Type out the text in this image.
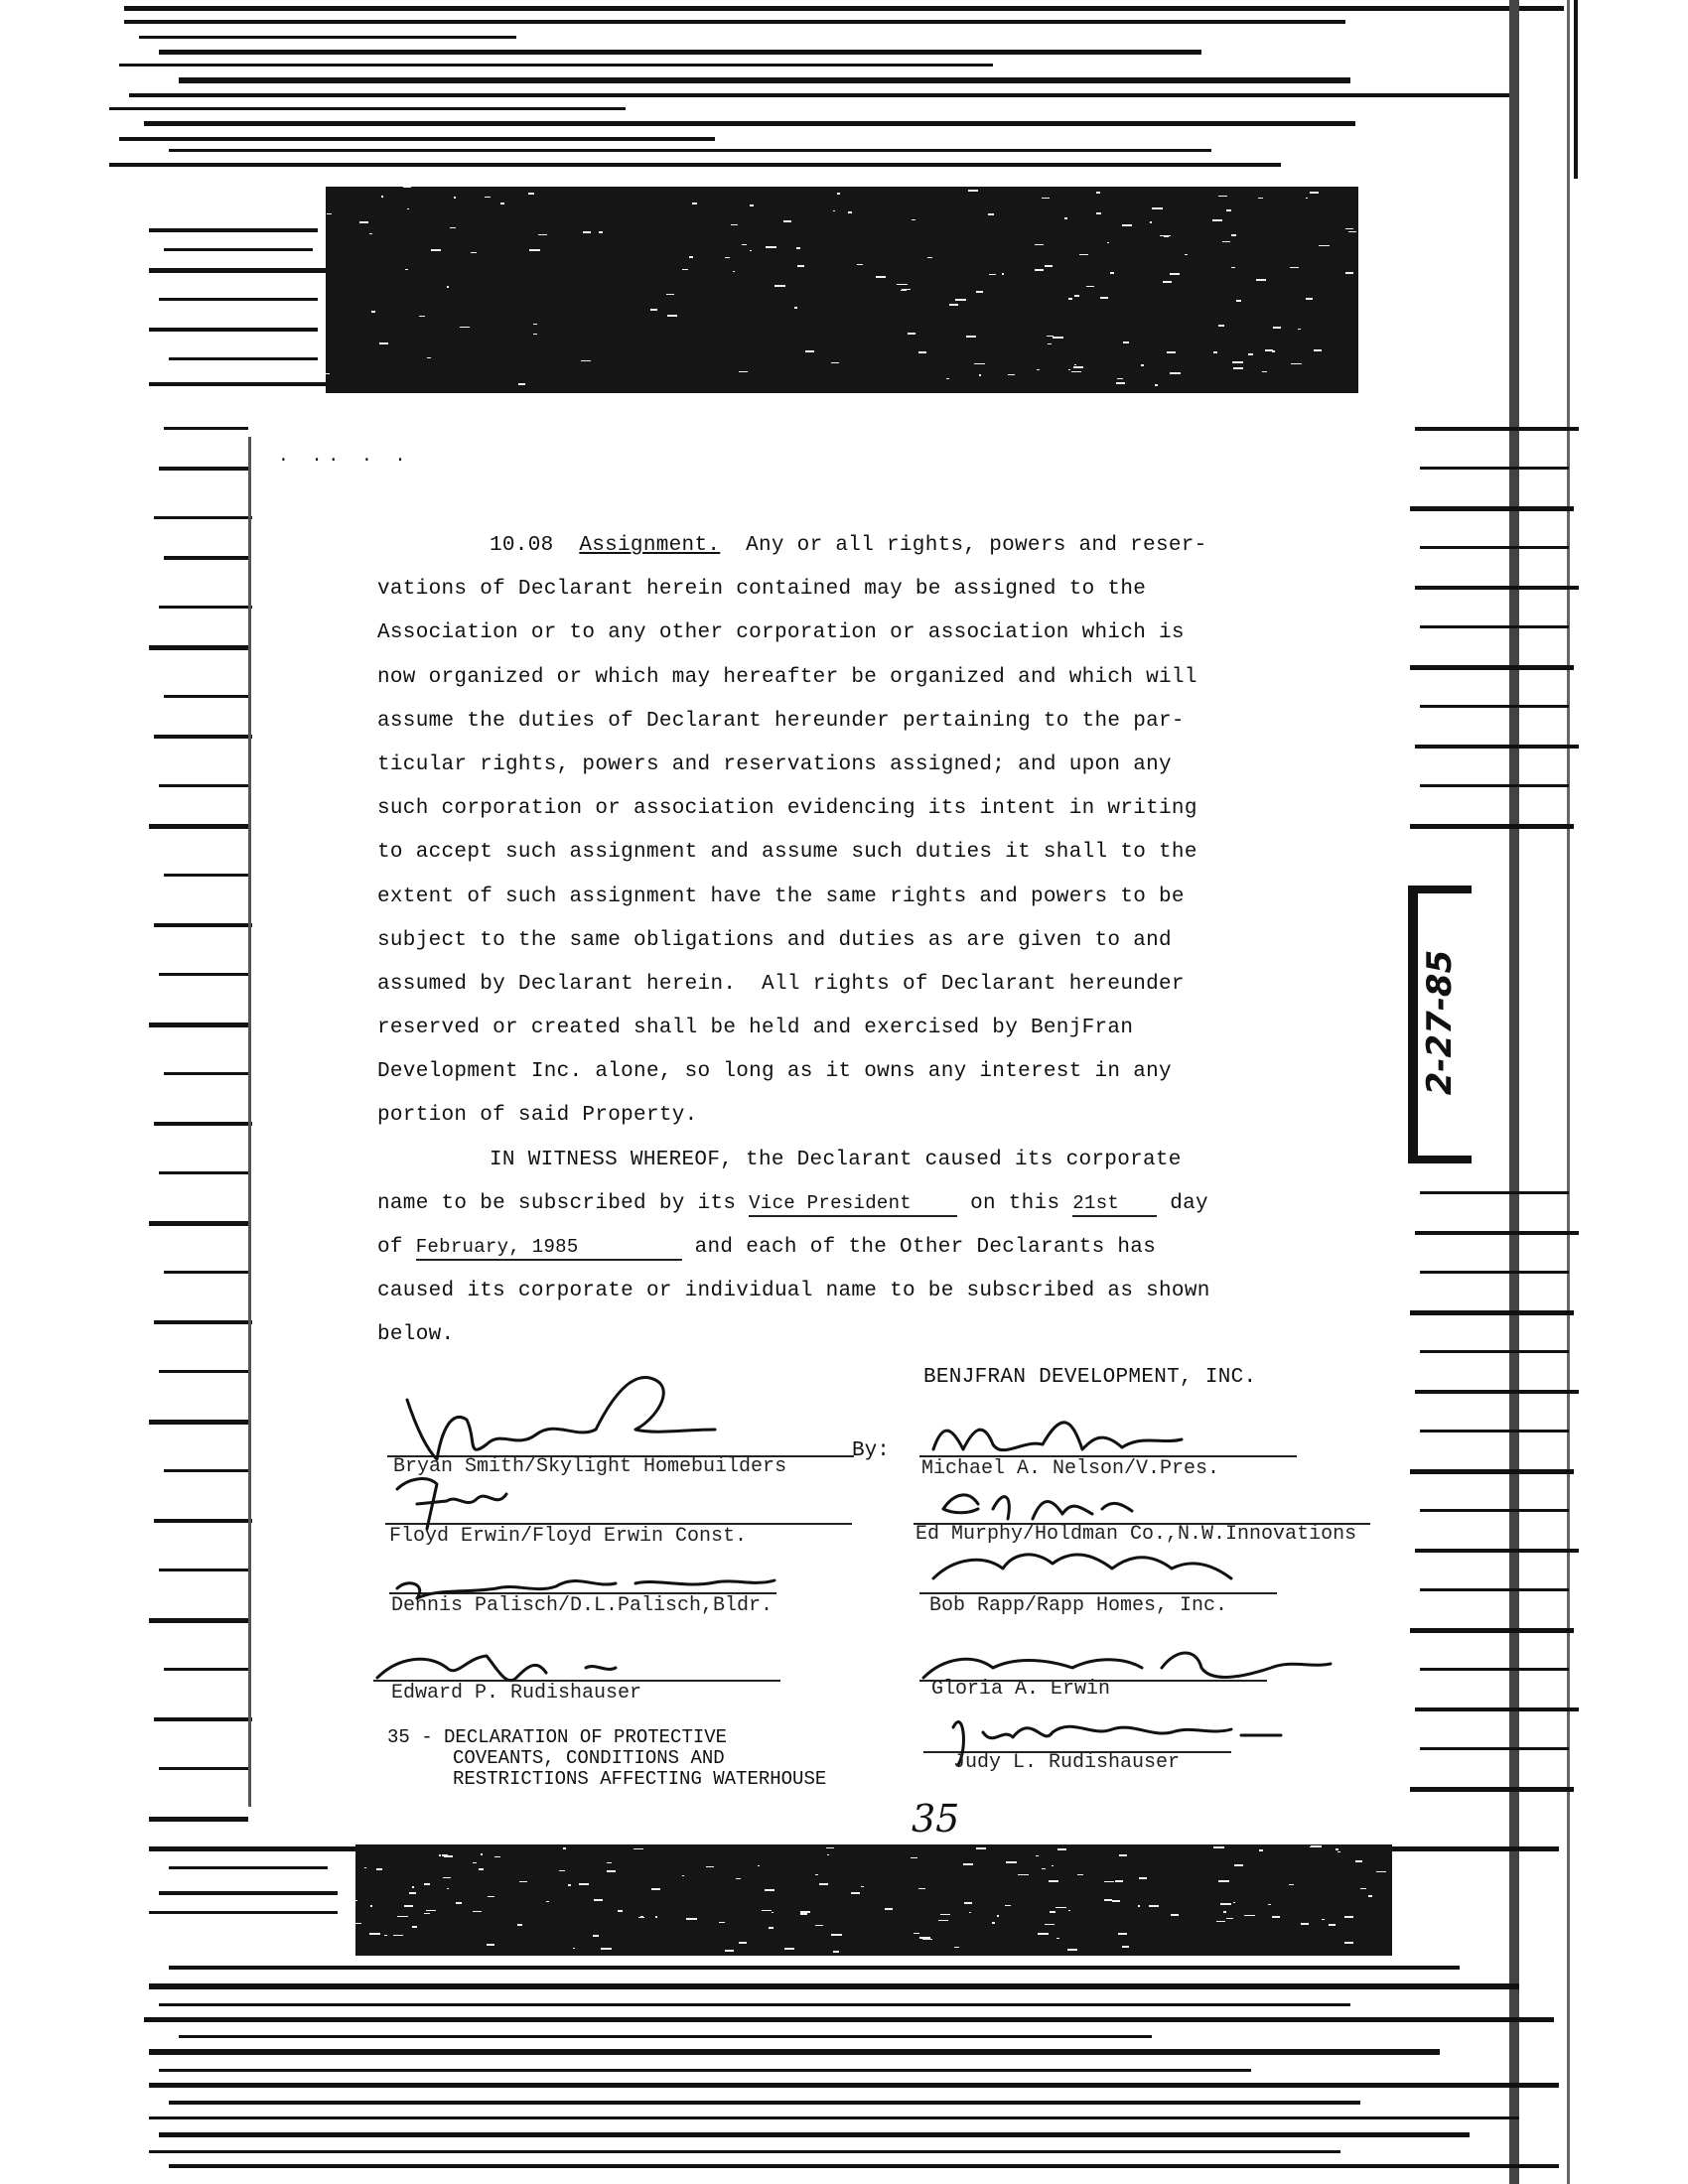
. .. . .
10.08 Assignment. Any or all rights, powers and reser-
vations of Declarant herein contained may be assigned to the
Association or to any other corporation or association which is
now organized or which may hereafter be organized and which will
assume the duties of Declarant hereunder pertaining to the par-
ticular rights, powers and reservations assigned; and upon any
such corporation or association evidencing its intent in writing
to accept such assignment and assume such duties it shall to the
extent of such assignment have the same rights and powers to be
subject to the same obligations and duties as are given to and
assumed by Declarant herein.  All rights of Declarant hereunder
reserved or created shall be held and exercised by BenjFran
Development Inc. alone, so long as it owns any interest in any
portion of said Property.
IN WITNESS WHEREOF, the Declarant caused its corporate
name to be subscribed by its Vice President on this 21st day
of February, 1985	and each of the Other Declarants has
caused its corporate or individual name to be subscribed as shown
below.
BENJFRAN DEVELOPMENT, INC.
By:
Bryan Smith/Skylight Homebuilders
Floyd Erwin/Floyd Erwin Const.
Dennis Palisch/D.L.Palisch,Bldr.
Edward P. Rudishauser
Michael A. Nelson/V.Pres.
Ed Murphy/Holdman Co.,N.W.Innovations
Bob Rapp/Rapp Homes, Inc.
Gloria A. Erwin
Judy L. Rudishauser
35 - DECLARATION OF PROTECTIVE
COVEANTS, CONDITIONS AND
RESTRICTIONS AFFECTING WATERHOUSE
35
2-27-85
